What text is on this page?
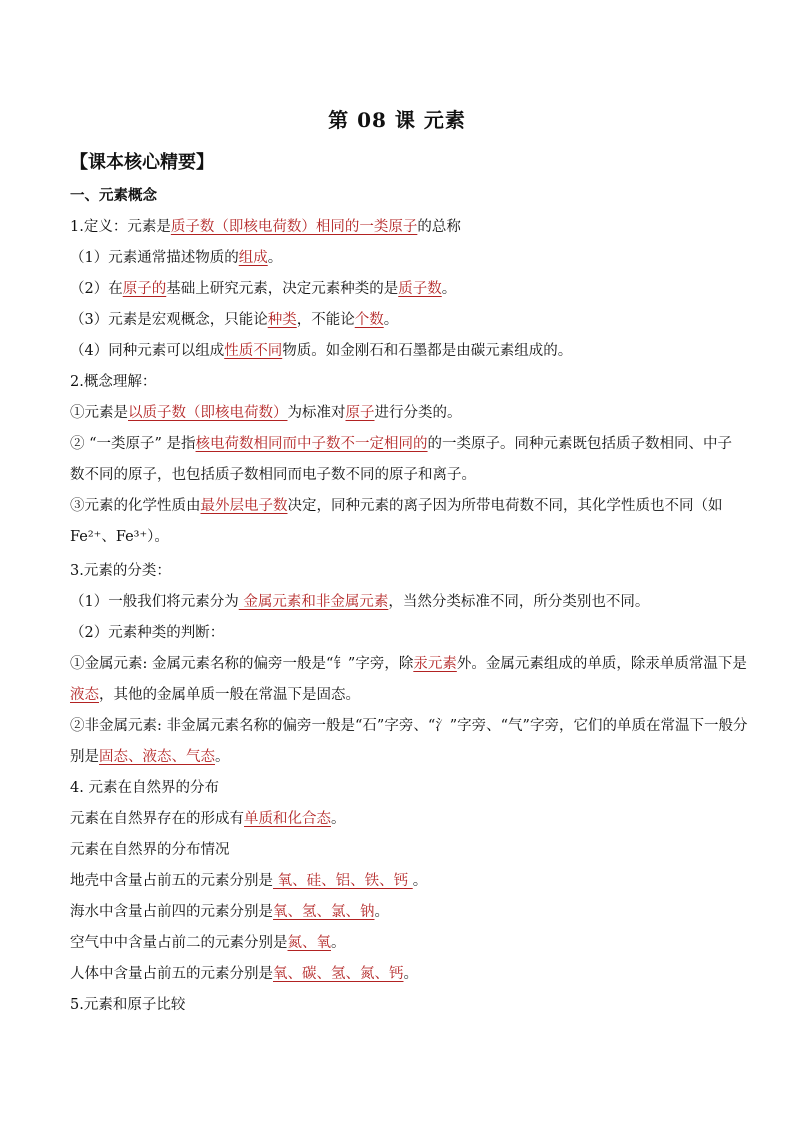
第 08 课 元素
【课本核心精要】
一、元素概念
1.定义：元素是质子数（即核电荷数）相同的一类原子的总称
（1）元素通常描述物质的组成。
（2）在原子的基础上研究元素，决定元素种类的是质子数。
（3）元素是宏观概念，只能论种类，不能论个数。
（4）同种元素可以组成性质不同物质。如金刚石和石墨都是由碳元素组成的。
2.概念理解：
①元素是以质子数（即核电荷数）为标准对原子进行分类的。
② “一类原子” 是指核电荷数相同而中子数不一定相同的的一类原子。同种元素既包括质子数相同、中子
数不同的原子，也包括质子数相同而电子数不同的原子和离子。
③元素的化学性质由最外层电子数决定，同种元素的离子因为所带电荷数不同，其化学性质也不同（如
Fe²⁺、Fe³⁺）。
3.元素的分类：
（1）一般我们将元素分为 金属元素和非金属元素，当然分类标准不同，所分类别也不同。
（2）元素种类的判断：
①金属元素: 金属元素名称的偏旁一般是“钅”字旁，除汞元素外。金属元素组成的单质，除汞单质常温下是
液态，其他的金属单质一般在常温下是固态。
②非金属元素: 非金属元素名称的偏旁一般是“石”字旁、“氵”字旁、“气”字旁，它们的单质在常温下一般分
别是固态、液态、气态。
4. 元素在自然界的分布
元素在自然界存在的形成有单质和化合态。
元素在自然界的分布情况
地壳中含量占前五的元素分别是 氧、硅、铝、铁、钙 。
海水中含量占前四的元素分别是氧、氢、氯、钠。
空气中中含量占前二的元素分别是氮、氧。
人体中含量占前五的元素分别是氧、碳、氢、氮、钙。
5.元素和原子比较
